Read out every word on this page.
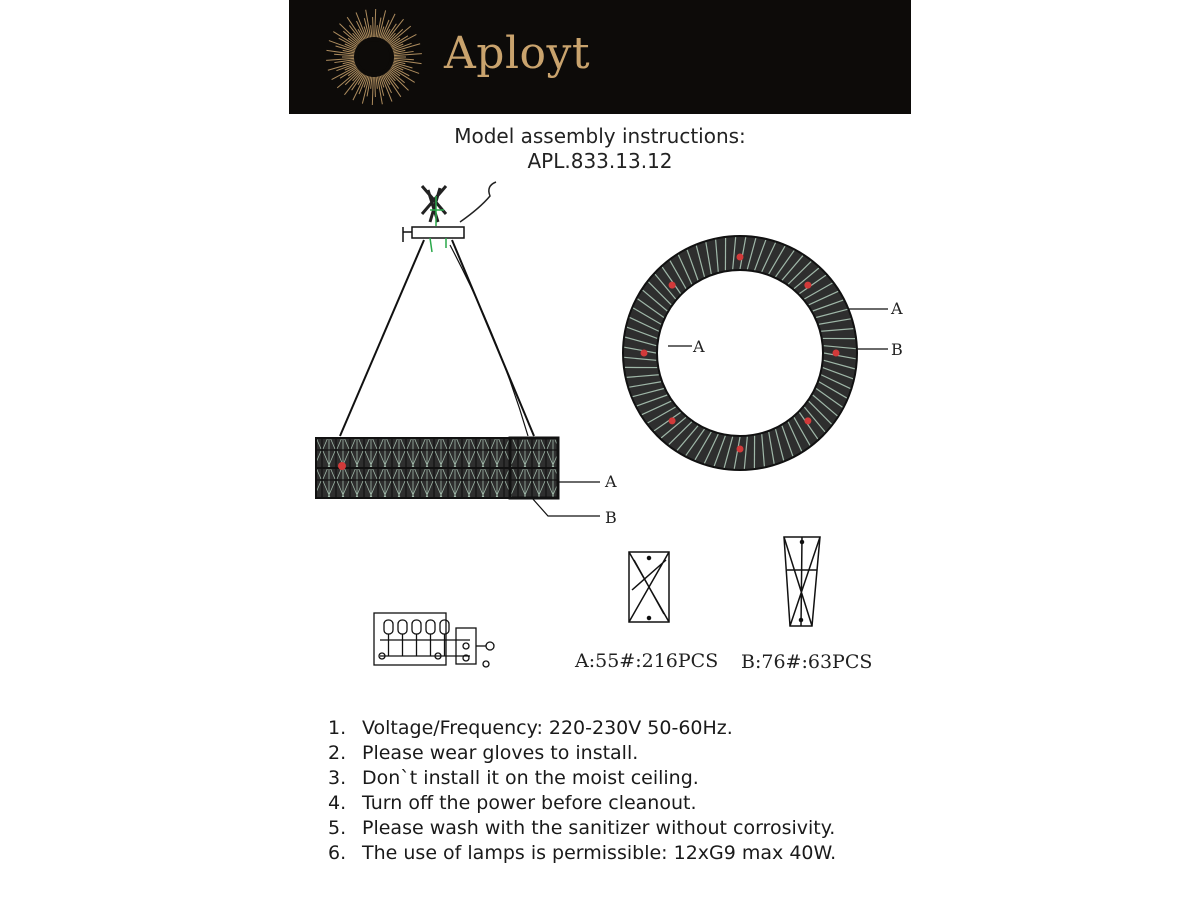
Aployt
Model assembly instructions:
APL.833.13.12
A
B
A
B
A
A:55#:216PCS B:76#:63PCS
1. Voltage/Frequency: 220-230V 50-60Hz.
2. Please wear gloves to install.
3. Don`t install it on the moist ceiling.
4. Turn off the power before cleanout.
5. Please wash with the sanitizer without corrosivity.
6. The use of lamps is permissible: 12xG9 max 40W.
